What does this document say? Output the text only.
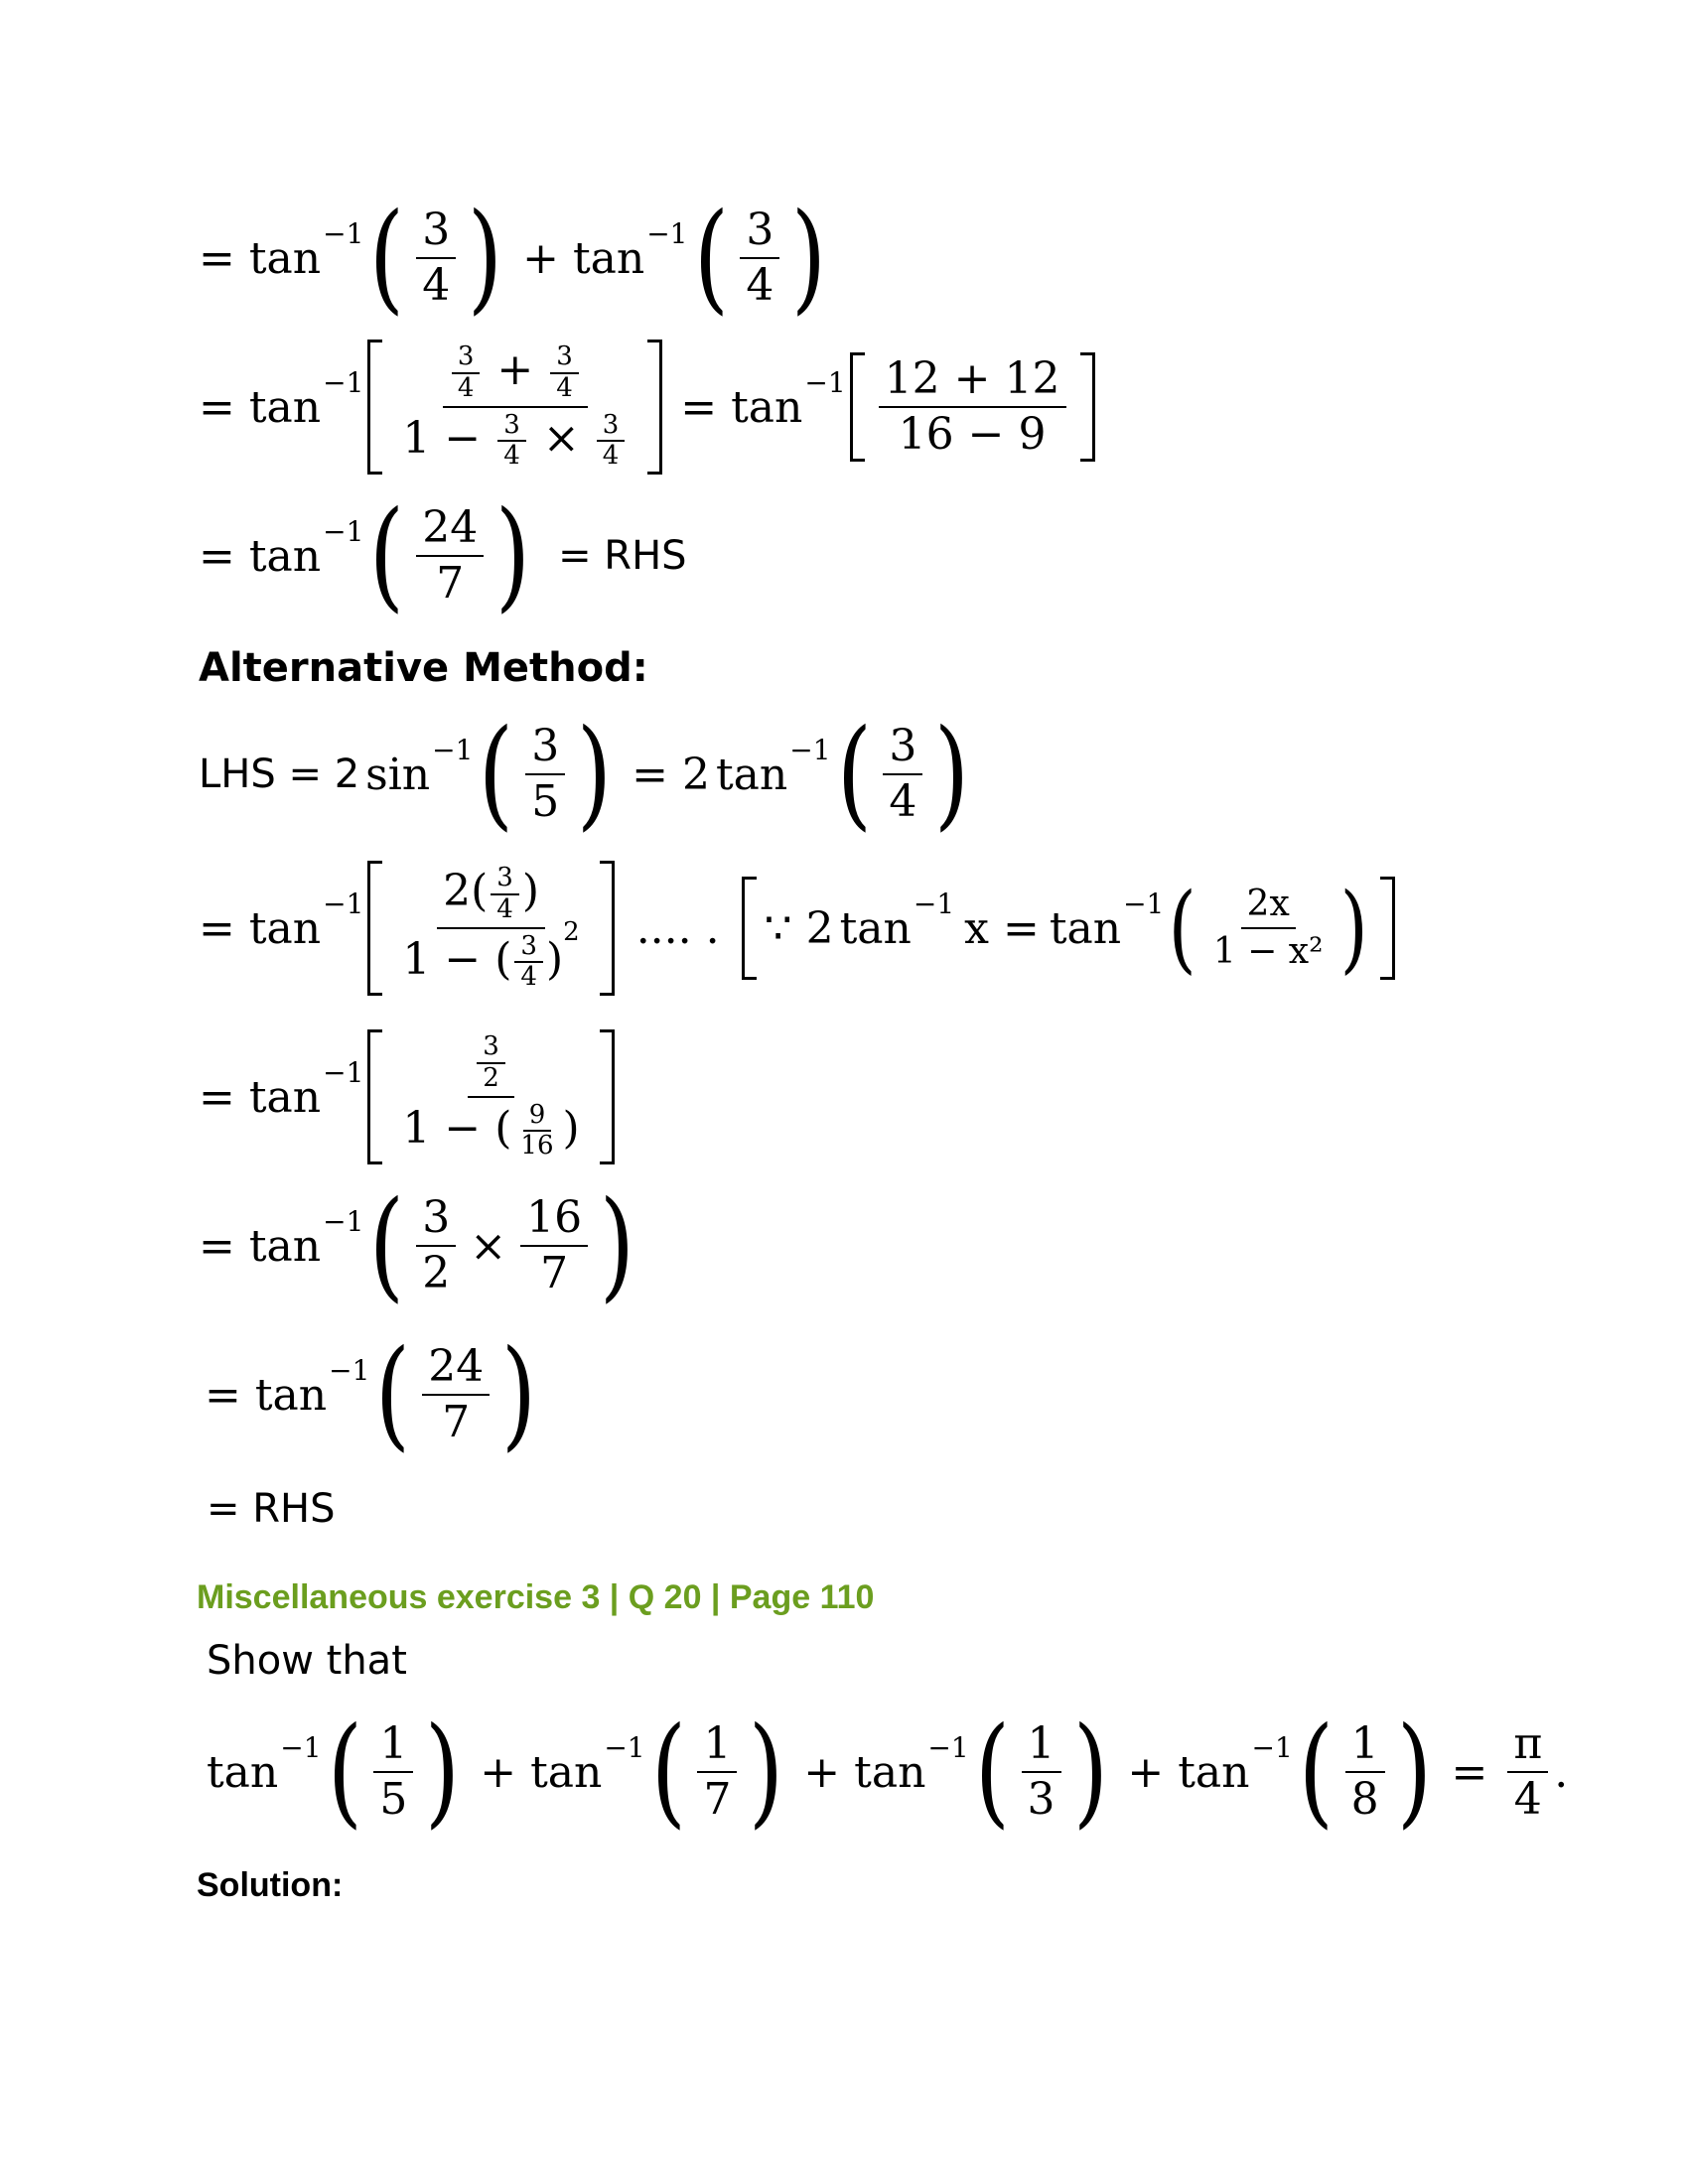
= $\tan^{-1}$ ( $\frac{3}{4}$ ) + $\tan^{-1}$ ( $\frac{3}{4}$ )
= $\tan^{-1} \frac{\frac{3}{4} + \frac{3}{4}}{1 - \frac{3}{4} \times \frac{3}{4}} = \tan^{-1} \frac{12 + 12}{16 - 9}$
= $\tan^{-1}$ ( $\frac{24}{7}$ ) = RHS
Alternative Method:
LHS = 2 $\sin^{-1}$ ( $\frac{3}{5}$ ) = 2 $\tan^{-1}$ ( $\frac{3}{4}$ )
= $\tan^{-1} \frac{2( \frac{3}{4} )}{1 - ( \frac{3}{4} )^2}$ .... . ∵ 2 $\tan^{-1} x = \tan^{-1}$ ( $\frac{2x}{\text{1 − x²}}$ )
= $\tan^{-1} \frac{\frac{3}{2}}{1 - ( \frac{9}{16} )}$
= $\tan^{-1}$ ( $\frac{3}{2} \times \frac{16}{7}$ )
= $\tan^{-1}$ ( $\frac{24}{7}$ )
= RHS
Miscellaneous exercise 3 | Q 20 | Page 110
Show that
$\tan^{-1}$ ( $\frac{1}{5}$ ) + $\tan^{-1}$ ( $\frac{1}{7}$ ) + $\tan^{-1}$ ( $\frac{1}{3}$ ) + $\tan^{-1}$ ( $\frac{1}{8}$ ) = $\frac{\pi}{4}$ .
Solution:
